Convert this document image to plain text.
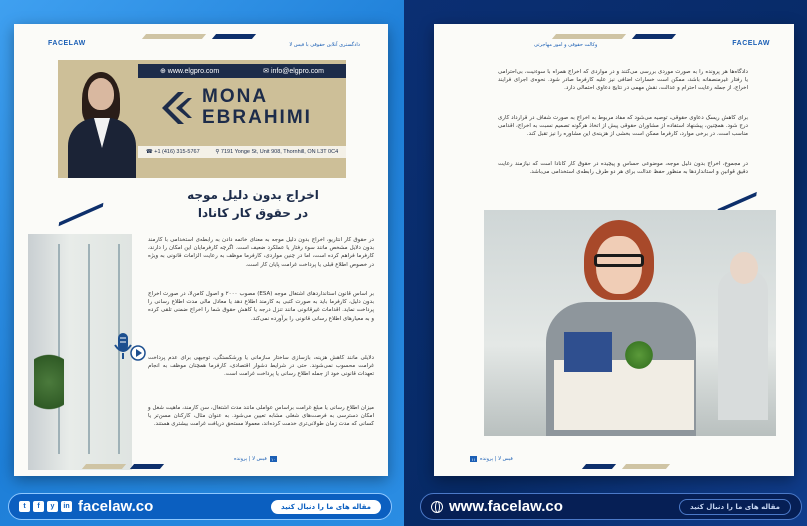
FACELAW	دادگستری آنلاین حقوقی با فیس لا
⊕ www.elgpro.com	✉ info@elgpro.com
MONA
EBRAHIMI
☎ +1 (416) 315-5767	⚲ 7191 Yonge St, Unit 908, Thornhill, ON L3T 0C4
اخراج بدون دلیل موجه
در حقوق کار کانادا

در حقوق کار انتاریو، اخراج بدون دلیل موجه به معنای خاتمه دادن به رابطه‌ی استخدامی با کارمند بدون دلایل مشخص مانند سوء رفتار یا عملکرد ضعیف است. اگرچه کارفرمایان این امکان را دارند، کارفرما فراهم کرده است، اما در چنین مواردی، کارفرما موظف به رعایت الزامات قانونی به ویژه در خصوص اطلاع قبلی یا پرداخت غرامت پایان کار است.

بر اساس قانون استانداردهای اشتغال موجه (ESA) مصوب ۲۰۰۰ و اصول کامن‌لا، در صورت اخراج بدون دلیل، کارفرما باید به صورت کتبی به کارمند اطلاع دهد یا معادل مالی مدت اطلاع رسانی را پرداخت نماید. اقدامات غیرقانونی مانند تنزل درجه یا کاهش حقوق شما را اخراج ضمنی تلقی کرده و به معیارهای اطلاع رسانی قانونی را برآورده نمی‌کند.

دلایلی مانند کاهش هزینه، بازسازی ساختار سازمانی یا ورشکستگی، توجیهی برای عدم پرداخت غرامت محسوب نمی‌شوند. حتی در شرایط دشوار اقتصادی، کارفرما همچنان موظف به انجام تعهدات قانونی خود از جمله اطلاع رسانی یا پرداخت غرامت است.

میزان اطلاع رسانی یا مبلغ غرامت براساس عواملی مانند مدت اشتغال، سن کارمند، ماهیت شغل و امکان دسترسی به فرصت‌های شغلی مشابه تعیین می‌شود. به عنوان مثال، کارکنان مسن‌تر یا کسانی که مدت زمان طولانی‌تری خدمت کرده‌اند، معمولا مستحق دریافت غرامت بیشتری هستند.

فیس لا | پرونده	۱۰
وکالت حقوقی و امور مهاجرتی	FACELAW

دادگاه‌ها هر پرونده را به صورت موردی بررسی می‌کنند و در مواردی که اخراج همراه با سوءنیت، بی‌احترامی یا رفتار غیرمنصفانه باشد، ممکن است خسارات اضافی نیز علیه کارفرما صادر شود. نحوه‌ی اجرای فرایند اخراج، از جمله رعایت احترام و عدالت، نقش مهمی در نتایج دعاوی احتمالی دارد.

برای کاهش ریسک دعاوی حقوقی، توصیه می‌شود که مفاد مربوط به اخراج به صورت شفاف در قرارداد کاری درج شود. همچنین، پیشنهاد استفاده از مشاوران حقوقی پیش از اتخاذ هرگونه تصمیم نسبت به اخراج، اقدامی مناسب است. در برخی موارد، کارفرما ممکن است بخشی از هزینه‌ی این مشاوره را نیز تقبل کند.

در مجموع، اخراج بدون دلیل موجه، موضوعی حساس و پیچیده در حقوق کار کانادا است که نیازمند رعایت دقیق قوانین و استانداردها به منظور حفظ عدالت برای هر دو طرف رابطه‌ی استخدامی می‌باشد.

۱۱ فیس لا | پرونده
t	f	y	in facelaw.co	مقاله های ما را دنبال کنید	www.facelaw.co	مقاله های ما را دنبال کنید
